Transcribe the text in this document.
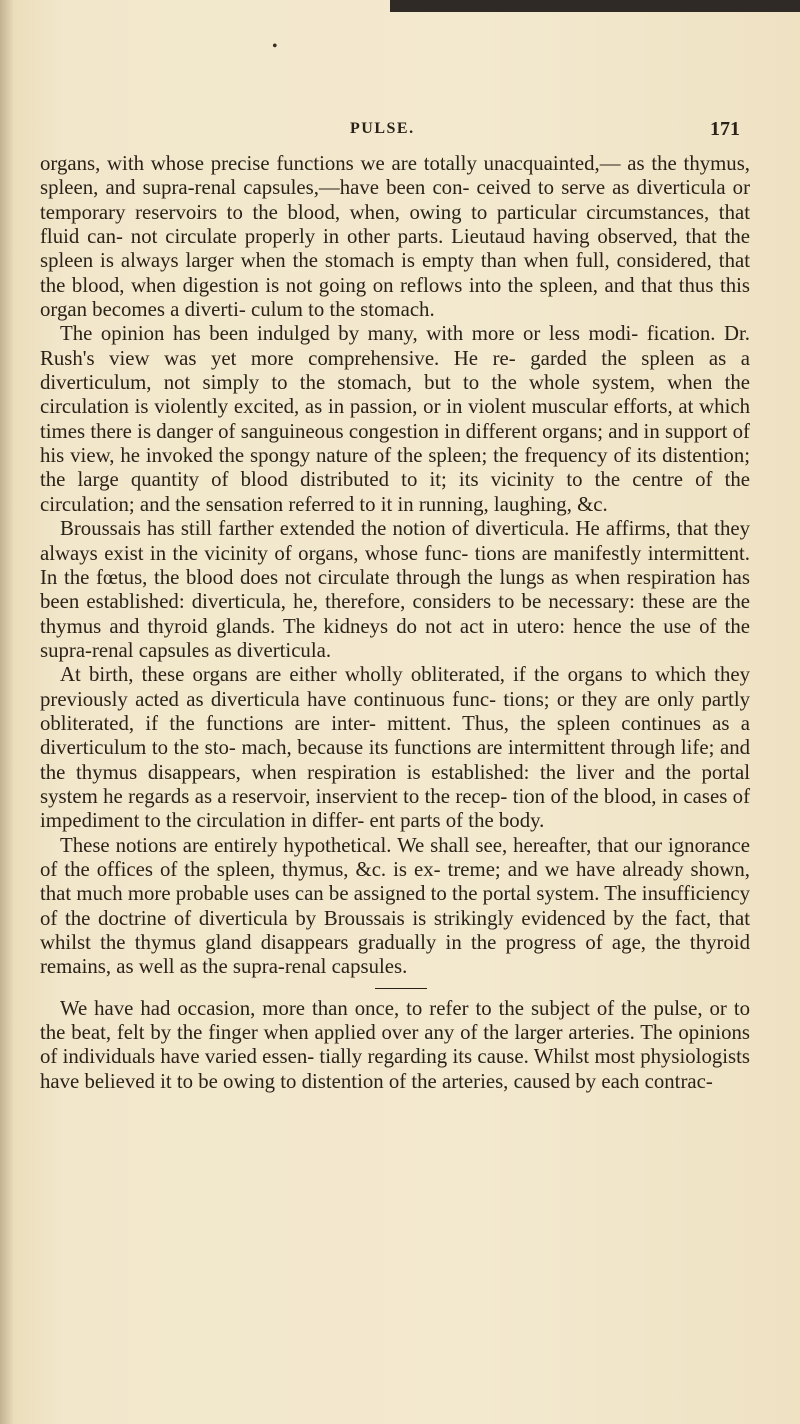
•
PULSE.	171

organs, with whose precise functions we are totally unacquainted,— as the thymus, spleen, and supra-renal capsules,—have been con- ceived to serve as diverticula or temporary reservoirs to the blood, when, owing to particular circumstances, that fluid can- not circulate properly in other parts. Lieutaud having observed, that the spleen is always larger when the stomach is empty than when full, considered, that the blood, when digestion is not going on reflows into the spleen, and that thus this organ becomes a diverti- culum to the stomach.

The opinion has been indulged by many, with more or less modi- fication. Dr. Rush's view was yet more comprehensive. He re- garded the spleen as a diverticulum, not simply to the stomach, but to the whole system, when the circulation is violently excited, as in passion, or in violent muscular efforts, at which times there is danger of sanguineous congestion in different organs; and in support of his view, he invoked the spongy nature of the spleen; the frequency of its distention; the large quantity of blood distributed to it; its vicinity to the centre of the circulation; and the sensation referred to it in running, laughing, &c.

Broussais has still farther extended the notion of diverticula. He affirms, that they always exist in the vicinity of organs, whose func- tions are manifestly intermittent. In the fœtus, the blood does not circulate through the lungs as when respiration has been established: diverticula, he, therefore, considers to be necessary: these are the thymus and thyroid glands. The kidneys do not act in utero: hence the use of the supra-renal capsules as diverticula.

At birth, these organs are either wholly obliterated, if the organs to which they previously acted as diverticula have continuous func- tions; or they are only partly obliterated, if the functions are inter- mittent. Thus, the spleen continues as a diverticulum to the sto- mach, because its functions are intermittent through life; and the thymus disappears, when respiration is established: the liver and the portal system he regards as a reservoir, inservient to the recep- tion of the blood, in cases of impediment to the circulation in differ- ent parts of the body.

These notions are entirely hypothetical. We shall see, hereafter, that our ignorance of the offices of the spleen, thymus, &c. is ex- treme; and we have already shown, that much more probable uses can be assigned to the portal system. The insufficiency of the doctrine of diverticula by Broussais is strikingly evidenced by the fact, that whilst the thymus gland disappears gradually in the progress of age, the thyroid remains, as well as the supra-renal capsules.

We have had occasion, more than once, to refer to the subject of the pulse, or to the beat, felt by the finger when applied over any of the larger arteries. The opinions of individuals have varied essen- tially regarding its cause. Whilst most physiologists have believed it to be owing to distention of the arteries, caused by each contrac-
